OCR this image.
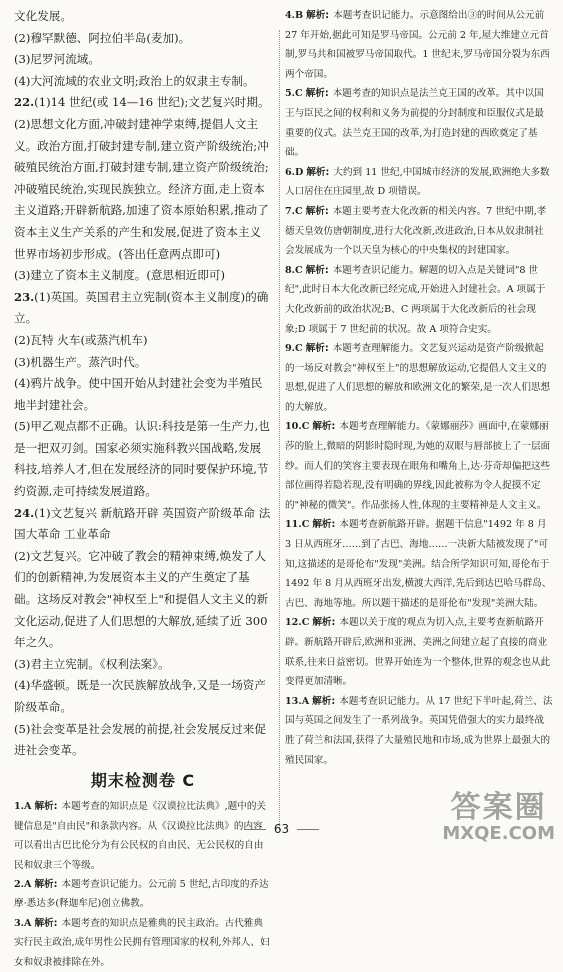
文化发展。

(2)穆罕默德、阿拉伯半岛(麦加)。

(3)尼罗河流域。

(4)大河流域的农业文明;政治上的奴隶主专制。

22.(1)14 世纪(或 14—16 世纪);文艺复兴时期。

(2)思想文化方面,冲破封建神学束缚,提倡人文主义。政治方面,打破封建专制,建立资产阶级统治;冲破殖民统治方面,打破封建专制,建立资产阶级统治;冲破殖民统治,实现民族独立。经济方面,走上资本主义道路;开辟新航路,加速了资本原始积累,推动了资本主义生产关系的产生和发展,促进了资本主义世界市场初步形成。(答出任意两点即可)

(3)建立了资本主义制度。(意思相近即可)

23.(1)英国。英国君主立宪制(资本主义制度)的确立。

(2)瓦特 火车(或蒸汽机车)

(3)机器生产。蒸汽时代。

(4)鸦片战争。使中国开始从封建社会变为半殖民地半封建社会。

(5)甲乙观点都不正确。认识:科技是第一生产力,也是一把双刃剑。国家必须实施科教兴国战略,发展科技,培养人才,但在发展经济的同时要保护环境,节约资源,走可持续发展道路。

24.(1)文艺复兴 新航路开辟 英国资产阶级革命 法国大革命 工业革命

(2)文艺复兴。它冲破了教会的精神束缚,焕发了人们的创新精神,为发展资本主义的产生奠定了基础。这场反对教会"神权至上"和提倡人文主义的新文化运动,促进了人们思想的大解放,延续了近 300 年之久。

(3)君主立宪制。《权利法案》。

(4)华盛顿。既是一次民族解放战争,又是一场资产阶级革命。

(5)社会变革是社会发展的前提,社会发展反过来促进社会变革。

期末检测卷 C

1.A 解析: 本题考查的知识点是《汉谟拉比法典》,题中的关键信息是"自由民"和条款内容。从《汉谟拉比法典》的内容可以看出古巴比伦分为有公民权的自由民、无公民权的自由民和奴隶三个等级。

2.A 解析: 本题考查识记能力。公元前 5 世纪,古印度的乔达摩·悉达多(释迦牟尼)创立佛教。

3.A 解析: 本题考查的知识点是雅典的民主政治。古代雅典实行民主政治,成年男性公民拥有管理国家的权利,外邦人、妇女和奴隶被排除在外。

4.B 解析: 本题考查识记能力。示意图给出③的时间从公元前 27 年开始,据此可知是罗马帝国。公元前 2 年,屋大维建立元首制,罗马共和国被罗马帝国取代。1 世纪末,罗马帝国分裂为东西两个帝国。

5.C 解析: 本题考查的知识点是法兰克王国的改革。其中以国王与臣民之间的权利和义务为前提的分封制度和臣服仪式是最重要的仪式。法兰克王国的改革,为打造封建的西欧奠定了基础。

6.D 解析: 大约到 11 世纪,中国城市经济的发展,欧洲绝大多数人口居住在庄园里,故 D 项错误。

7.C 解析: 本题主要考查大化改新的相关内容。7 世纪中期,孝德天皇效仿唐朝制度,进行大化改新,改进政治,日本从奴隶制社会发展成为一个以天皇为核心的中央集权的封建国家。

8.C 解析: 本题考查识记能力。解题的切入点是关键词"8 世纪",此时日本大化改新已经完成,开始进入封建社会。A 项属于大化改新前的政治状况;B、C 两项属于大化改新后的社会现象;D 项属于 7 世纪前的状况。故 A 项符合史实。

9.C 解析: 本题考查理解能力。文艺复兴运动是资产阶级掀起的一场反对教会"神权至上"的思想解放运动,它提倡人文主义的思想,促进了人们思想的解放和欧洲文化的繁荣,是一次人们思想的大解放。

10.C 解析: 本题考查理解能力。《蒙娜丽莎》画面中,在蒙娜丽莎的脸上,微暗的阴影时隐时现,为她的双眼与唇部披上了一层面纱。而人们的笑容主要表现在眼角和嘴角上,达·芬奇却偏把这些部位画得若隐若现,没有明确的界线,因此被称为令人捉摸不定的"神秘的微笑"。作品张扬人性,体现的主要精神是人文主义。

11.C 解析: 本题考查新航路开辟。据题干信息"1492 年 8 月 3 日从西班牙……到了古巴、海地……一决新大陆被发现了"可知,这描述的是哥伦布"发现"美洲。结合所学知识可知,哥伦布于 1492 年 8 月从西班牙出发,横渡大西洋,先后到达巴哈马群岛、古巴、海地等地。所以题干描述的是哥伦布"发现"美洲大陆。

12.C 解析: 本题以关于度的观点为切入点,主要考查新航路开辟。新航路开辟后,欧洲和亚洲、美洲之间建立起了直接的商业联系,往来日益密切。世界开始连为一个整体,世界的观念也从此变得更加清晰。

13.A 解析: 本题考查识记能力。从 17 世纪下半叶起,荷兰、法国与英国之间发生了一系列战争。英国凭借强大的实力最终战胜了荷兰和法国,获得了大量殖民地和市场,成为世界上最强大的殖民国家。

63
答案圈
MXQE.COM
